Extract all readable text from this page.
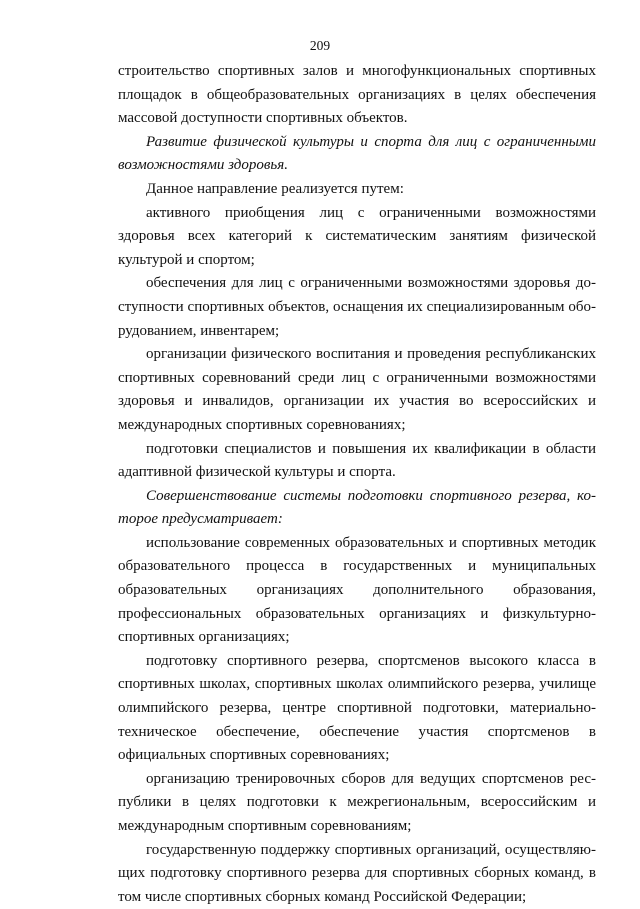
209

строительство спортивных залов и многофункциональных спортивных площадок в общеобразовательных организациях в целях обеспечения массовой доступности спортивных объектов.

Развитие физической культуры и спорта для лиц с ограниченными возможностями здоровья.

Данное направление реализуется путем:

активного приобщения лиц с ограниченными возможностями здоровья всех категорий к систематическим занятиям физической культурой и спортом;

обеспечения для лиц с ограниченными возможностями здоровья доступности спортивных объектов, оснащения их специализированным оборудованием, инвентарем;

организации физического воспитания и проведения республиканских спортивных соревнований среди лиц с ограниченными возможностями здоровья и инвалидов, организации их участия во всероссийских и международных спортивных соревнованиях;

подготовки специалистов и повышения их квалификации в области адаптивной физической культуры и спорта.

Совершенствование системы подготовки спортивного резерва, которое предусматривает:

использование современных образовательных и спортивных методик образовательного процесса в государственных и муниципальных образовательных организациях дополнительного образования, профессиональных образовательных организациях и физкультурно-спортивных организациях;

подготовку спортивного резерва, спортсменов высокого класса в спортивных школах, спортивных школах олимпийского резерва, училище олимпийского резерва, центре спортивной подготовки, материально-техническое обеспечение, обеспечение участия спортсменов в официальных спортивных соревнованиях;

организацию тренировочных сборов для ведущих спортсменов республики в целях подготовки к межрегиональным, всероссийским и международным спортивным соревнованиям;

государственную поддержку спортивных организаций, осуществляющих подготовку спортивного резерва для спортивных сборных команд, в том числе спортивных сборных команд Российской Федерации;
